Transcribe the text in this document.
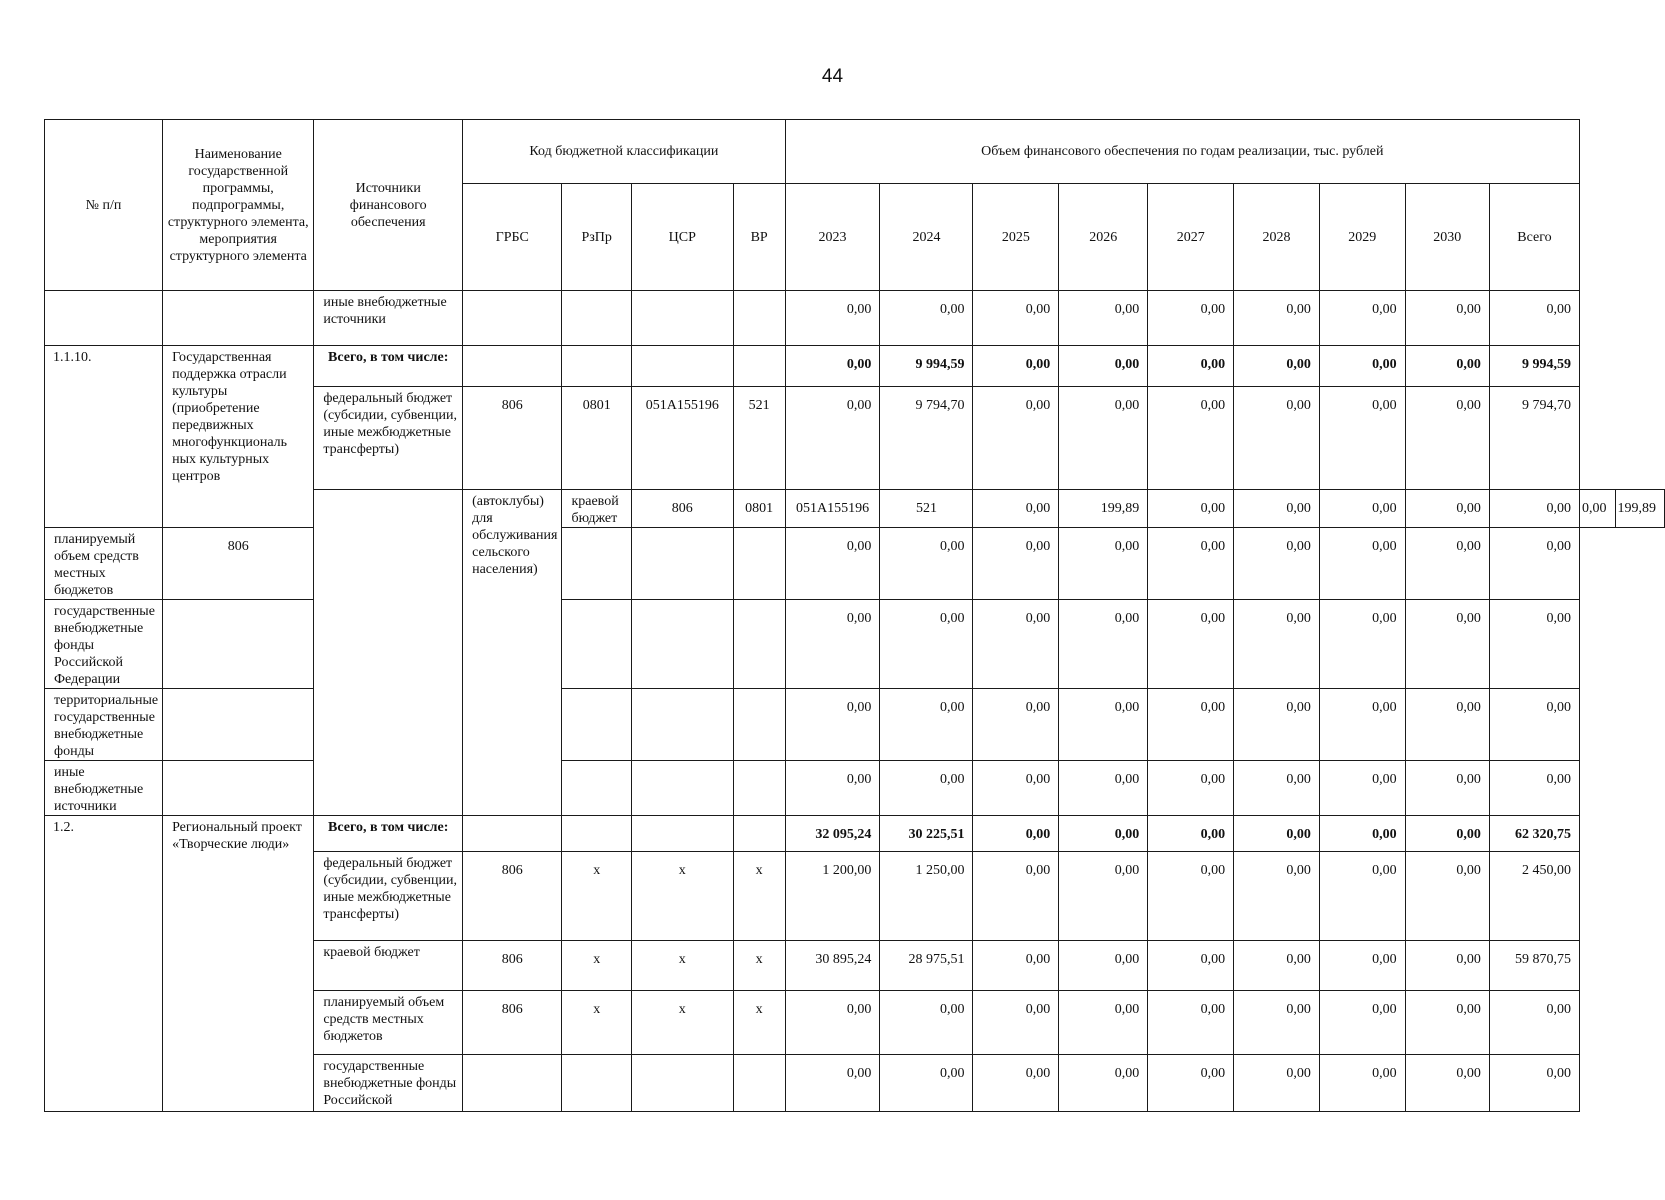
44
№ п/п	Наименование государственной программы, подпрограммы, структурного элемента, мероприятия структурного элемента	Источники финансового обеспечения	Код бюджетной классификации				Объем финансового обеспечения по годам реализации, тыс. рублей										
			ГРБС	РзПр	ЦСР	ВР	2023	2024	2025	2026	2027	2028	2029	2030	Всего		
		иные внебюджетные источники					0,00	0,00	0,00	0,00	0,00	0,00	0,00	0,00	0,00		
1.1.10.	Государственная поддержка отрасли культуры (приобретение передвижных многофункциональ ных культурных центров	Всего, в том числе:					0,00	9 994,59	0,00	0,00	0,00	0,00	0,00	0,00	9 994,59		
		федеральный бюджет (субсидии, субвенции, иные межбюджетные трансферты)	806	0801	051A155196	521	0,00	9 794,70	0,00	0,00	0,00	0,00	0,00	0,00	9 794,70		
			(автоклубы) для обслуживания сельского населения)	краевой бюджет	806	0801	051A155196	521	0,00	199,89	0,00	0,00	0,00	0,00	0,00	0,00	199,89
планируемый объем средств местных бюджетов	806						0,00	0,00	0,00	0,00	0,00	0,00	0,00	0,00	0,00		
государственные внебюджетные фонды Российской Федерации							0,00	0,00	0,00	0,00	0,00	0,00	0,00	0,00	0,00		
территориальные государственные внебюджетные фонды							0,00	0,00	0,00	0,00	0,00	0,00	0,00	0,00	0,00		
иные внебюджетные источники							0,00	0,00	0,00	0,00	0,00	0,00	0,00	0,00	0,00		
1.2.	Региональный проект «Творческие люди»	Всего, в том числе:					32 095,24	30 225,51	0,00	0,00	0,00	0,00	0,00	0,00	62 320,75		
		федеральный бюджет (субсидии, субвенции, иные межбюджетные трансферты)	806	х	х	х	1 200,00	1 250,00	0,00	0,00	0,00	0,00	0,00	0,00	2 450,00		
		краевой бюджет	806	х	х	х	30 895,24	28 975,51	0,00	0,00	0,00	0,00	0,00	0,00	59 870,75		
		планируемый объем средств местных бюджетов	806	х	х	х	0,00	0,00	0,00	0,00	0,00	0,00	0,00	0,00	0,00		
		государственные внебюджетные фонды Российской					0,00	0,00	0,00	0,00	0,00	0,00	0,00	0,00	0,00		
